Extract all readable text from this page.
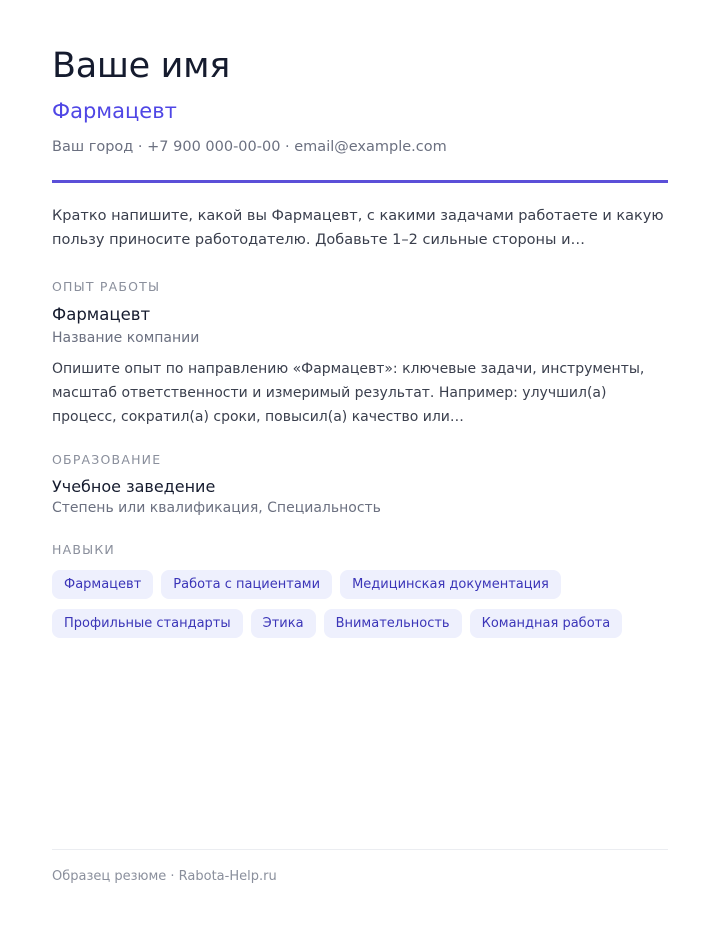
Ваше имя
Фармацевт
Ваш город · +7 900 000-00-00 · email@example.com

Кратко напишите, какой вы Фармацевт, с какими задачами работаете и какую пользу приносите работодателю. Добавьте 1–2 сильные стороны и…

ОПЫТ РАБОТЫ
Фармацевт
Название компании

Опишите опыт по направлению «Фармацевт»: ключевые задачи, инструменты, масштаб ответственности и измеримый результат. Например: улучшил(а) процесс, сократил(а) сроки, повысил(а) качество или…

ОБРАЗОВАНИЕ
Учебное заведение
Степень или квалификация, Специальность
НАВЫКИ
Фармацевт	Работа с пациентами	Медицинская документация
Профильные стандарты	Этика	Внимательность	Командная работа
Образец резюме · Rabota-Help.ru
